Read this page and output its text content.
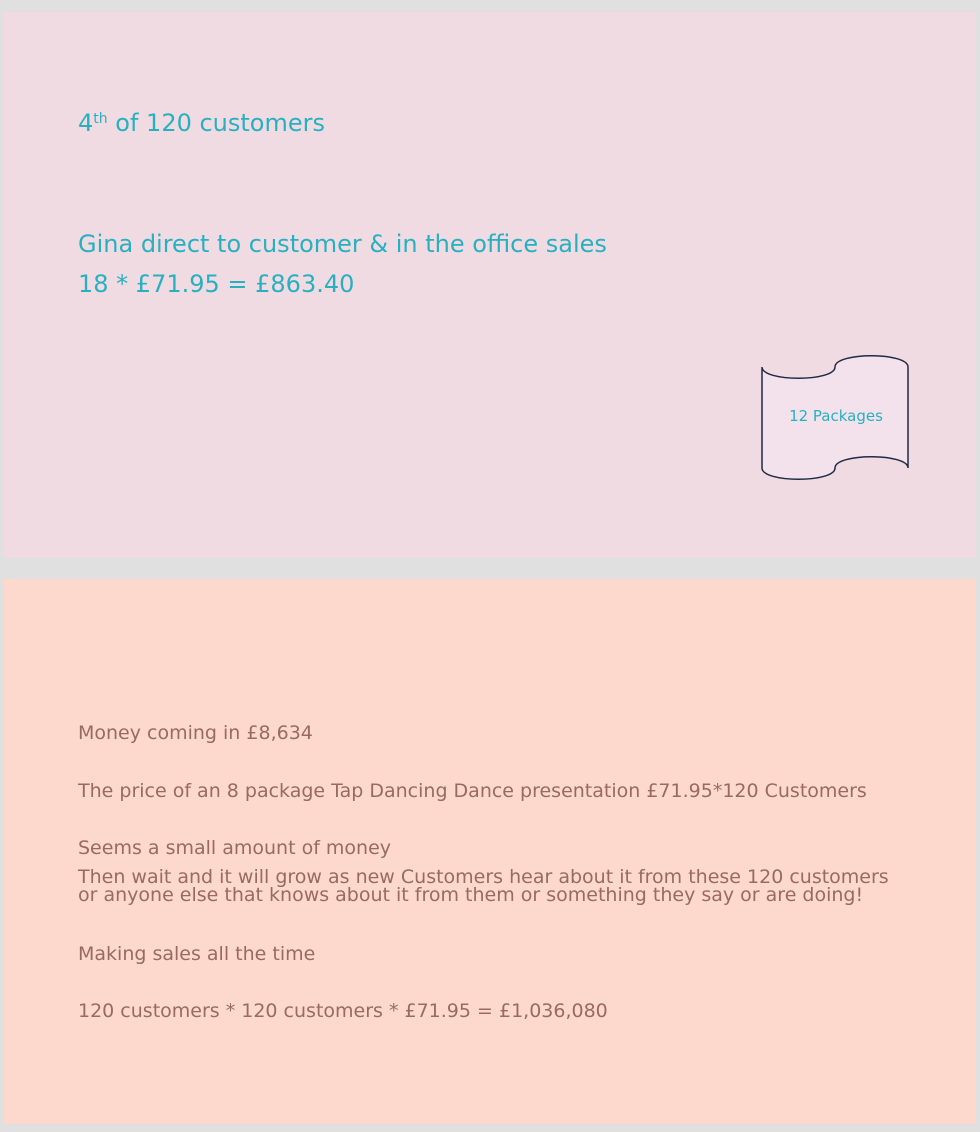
4th of 120 customers
Gina direct to customer & in the office sales
18 * £71.95 = £863.40
12 Packages
Money coming in £8,634
The price of an 8 package Tap Dancing Dance presentation £71.95*120 Customers
Seems a small amount of money
Then wait and it will grow as new Customers hear about it from these 120 customers
or anyone else that knows about it from them or something they say or are doing!
Making sales all the time
120 customers * 120 customers * £71.95 = £1,036,080
